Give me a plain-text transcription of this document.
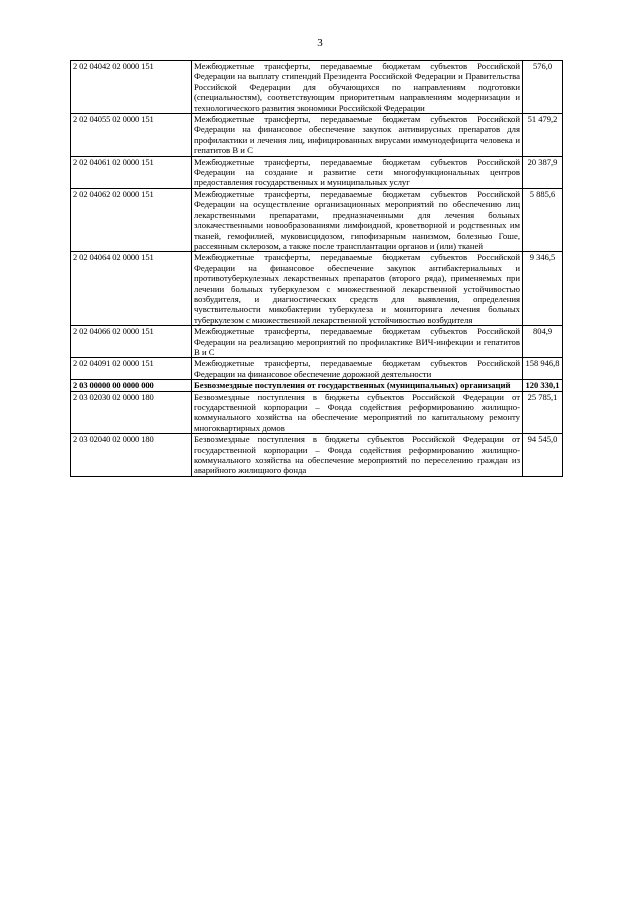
3
2 02 04042 02 0000 151	Межбюджетные трансферты, передаваемые бюджетам субъектов Российской Федерации на выплату стипендий Президента Российской Федерации и Правительства Российской Федерации для обучающихся по направлениям подготовки (специальностям), соответствующим приоритетным направлениям модернизации и технологического развития экономики Российской Федерации	576,0
2 02 04055 02 0000 151	Межбюджетные трансферты, передаваемые бюджетам субъектов Российской Федерации на финансовое обеспечение закупок антивирусных препаратов для профилактики и лечения лиц, инфицированных вирусами иммунодефицита человека и гепатитов В и С	51 479,2
2 02 04061 02 0000 151	Межбюджетные трансферты, передаваемые бюджетам субъектов Российской Федерации на создание и развитие сети многофункциональных центров предоставления государственных и муниципальных услуг	20 387,9
2 02 04062 02 0000 151	Межбюджетные трансферты, передаваемые бюджетам субъектов Российской Федерации на осуществление организационных мероприятий по обеспечению лиц лекарственными препаратами, предназначенными для лечения больных злокачественными новообразованиями лимфоидной, кроветворной и родственных им тканей, гемофилией, муковисцидозом, гипофизарным нанизмом, болезнью Гоше, рассеянным склерозом, а также после трансплантации органов и (или) тканей	5 885,6
2 02 04064 02 0000 151	Межбюджетные трансферты, передаваемые бюджетам субъектов Российской Федерации на финансовое обеспечение закупок антибактериальных и противотуберкулезных лекарственных препаратов (второго ряда), применяемых при лечении больных туберкулезом с множественной лекарственной устойчивостью возбудителя, и диагностических средств для выявления, определения чувствительности микобактерии туберкулеза и мониторинга лечения больных туберкулезом с множественной лекарственной устойчивостью возбудителя	9 346,5
2 02 04066 02 0000 151	Межбюджетные трансферты, передаваемые бюджетам субъектов Российской Федерации на реализацию мероприятий по профилактике ВИЧ-инфекции и гепатитов В и С	804,9
2 02 04091 02 0000 151	Межбюджетные трансферты, передаваемые бюджетам субъектов Российской Федерации на финансовое обеспечение дорожной деятельности	158 946,8
2 03 00000 00 0000 000	Безвозмездные поступления от государственных (муниципальных) организаций	120 330,1
2 03 02030 02 0000 180	Безвозмездные поступления в бюджеты субъектов Российской Федерации от государственной корпорации – Фонда содействия реформированию жилищно-коммунального хозяйства на обеспечение мероприятий по капитальному ремонту многоквартирных домов	25 785,1
2 03 02040 02 0000 180	Безвозмездные поступления в бюджеты субъектов Российской Федерации от государственной корпорации – Фонда содействия реформированию жилищно-коммунального хозяйства на обеспечение мероприятий по переселению граждан из аварийного жилищного фонда	94 545,0
